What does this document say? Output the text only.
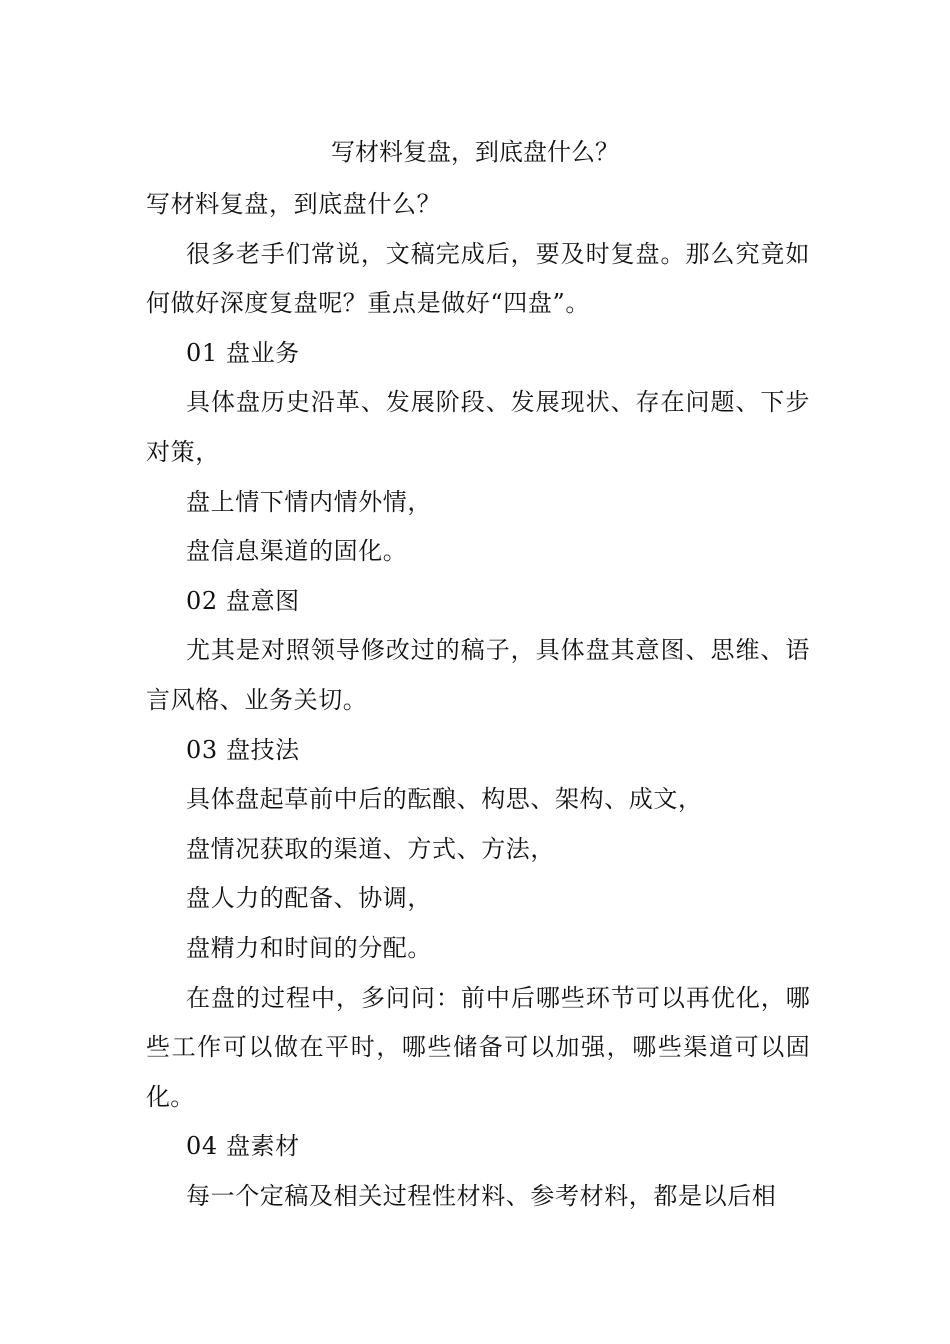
写材料复盘，到底盘什么？

写材料复盘，到底盘什么？

很多老手们常说，文稿完成后，要及时复盘。那么究竟如何做好深度复盘呢？重点是做好“四盘”。

01 盘业务

具体盘历史沿革、发展阶段、发展现状、存在问题、下步对策，

盘上情下情内情外情，

盘信息渠道的固化。

02 盘意图

尤其是对照领导修改过的稿子，具体盘其意图、思维、语言风格、业务关切。

03 盘技法

具体盘起草前中后的酝酿、构思、架构、成文，

盘情况获取的渠道、方式、方法，

盘人力的配备、协调，

盘精力和时间的分配。

在盘的过程中，多问问：前中后哪些环节可以再优化，哪些工作可以做在平时，哪些储备可以加强，哪些渠道可以固化。

04 盘素材

每一个定稿及相关过程性材料、参考材料，都是以后相
